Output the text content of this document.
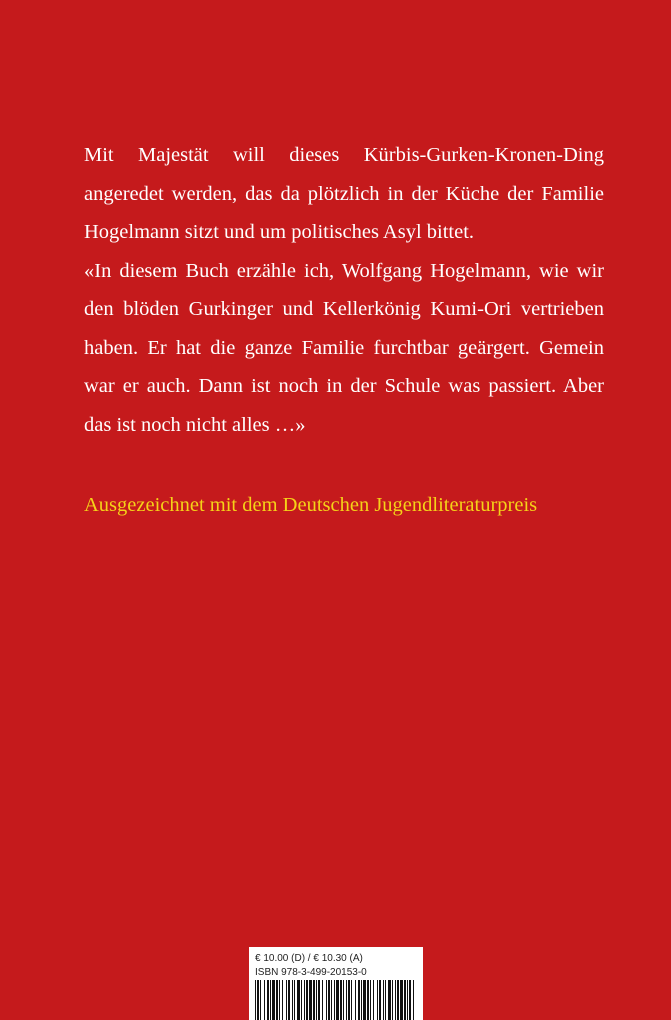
Mit Majestät will dieses Kürbis-Gurken-Kronen-Ding angeredet werden, das da plötzlich in der Küche der Familie Hogelmann sitzt und um politisches Asyl bittet.

«In diesem Buch erzähle ich, Wolfgang Hogelmann, wie wir den blöden Gurkinger und Kellerkönig Kumi-Ori vertrieben haben. Er hat die ganze Familie furchtbar geärgert. Gemein war er auch. Dann ist noch in der Schule was passiert. Aber das ist noch nicht alles …»

Ausgezeichnet mit dem Deutschen Jugendliteraturpreis

€ 10.00 (D) / € 10.30 (A)
ISBN 978-3-499-20153-0
